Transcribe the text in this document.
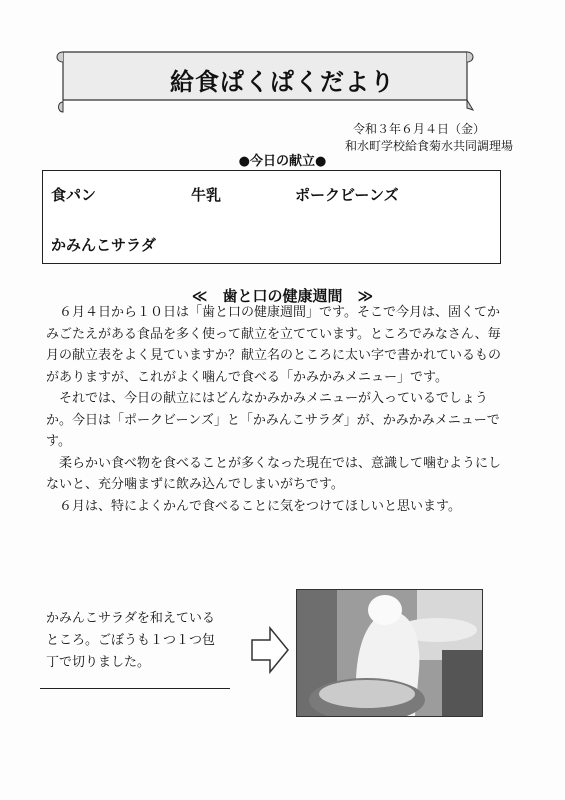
給食ぱくぱくだより
令和３年６月４日（金）
和水町学校給食菊水共同調理場
●今日の献立●
食パン	牛乳	ポークビーンズ
かみんこサラダ
≪　歯と口の健康週間　≫

６月４日から１０日は「歯と口の健康週間」です。そこで今月は、固くてかみごたえがある食品を多く使って献立を立てています。ところでみなさん、毎月の献立表をよく見ていますか？献立名のところに太い字で書かれているものがありますが、これがよく噛んで食べる「かみかみメニュー」です。

それでは、今日の献立にはどんなかみかみメニューが入っているでしょうか。今日は「ポークビーンズ」と「かみんこサラダ」が、かみかみメニューです。

柔らかい食べ物を食べることが多くなった現在では、意識して噛むようにしないと、充分噛まずに飲み込んでしまいがちです。

６月は、特によくかんで食べることに気をつけてほしいと思います。

かみんこサラダを和えているところ。ごぼうも１つ１つ包丁で切りました。
